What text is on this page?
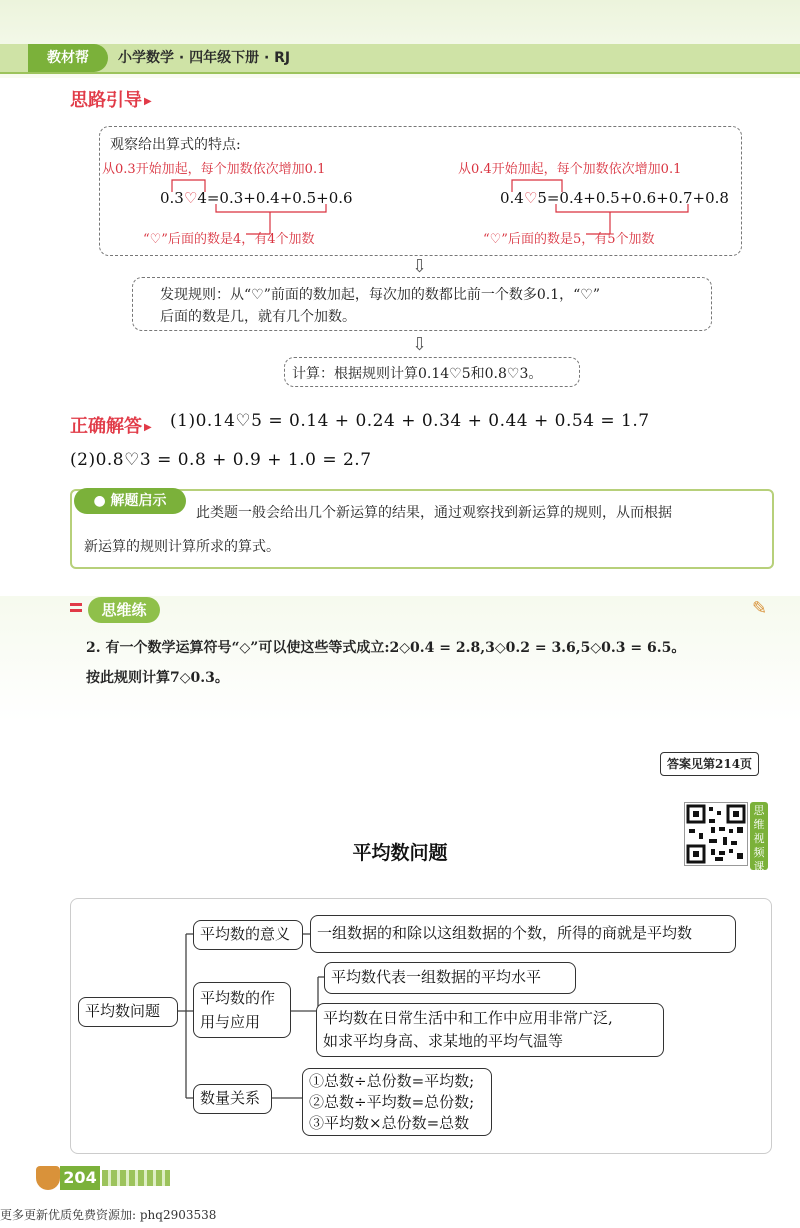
教材帮	小学数学 · 四年级下册 · RJ
思路引导 ▶
观察给出算式的特点:
从0.3开始加起，每个加数依次增加0.1
0.3♡4=0.3+0.4+0.5+0.6
“♡”后面的数是4，有4个加数
从0.4开始加起，每个加数依次增加0.1
0.4♡5=0.4+0.5+0.6+0.7+0.8
“♡”后面的数是5，有5个加数
⇩
发现规则：从“♡”前面的数加起，每次加的数都比前一个数多0.1，“♡”
后面的数是几，就有几个加数。
⇩
计算：根据规则计算0.14♡5和0.8♡3。
正确解答 ▶ (1)0.14♡5 = 0.14 + 0.24 + 0.34 + 0.44 + 0.54 = 1.7
(2)0.8♡3 = 0.8 + 0.9 + 1.0 = 2.7
● 解题启示
此类题一般会给出几个新运算的结果，通过观察找到新运算的规则，从而根据
新运算的规则计算所求的算式。
思维练	✎
2. 有一个数学运算符号“◇”可以使这些等式成立:2◇0.4 = 2.8,3◇0.2 = 3.6,5◇0.3 = 6.5。
按此规则计算7◇0.3。
答案见第214页
思维视频课
平均数问题
平均数问题
平均数的意义	一组数据的和除以这组数据的个数，所得的商就是平均数
平均数的作
用与应用
平均数代表一组数据的平均水平
平均数在日常生活中和工作中应用非常广泛,
如求平均身高、求某地的平均气温等
数量关系
①总数÷总份数=平均数;
②总数÷平均数=总份数;
③平均数×总份数=总数
204
更多更新优质免费资源加: phq2903538
